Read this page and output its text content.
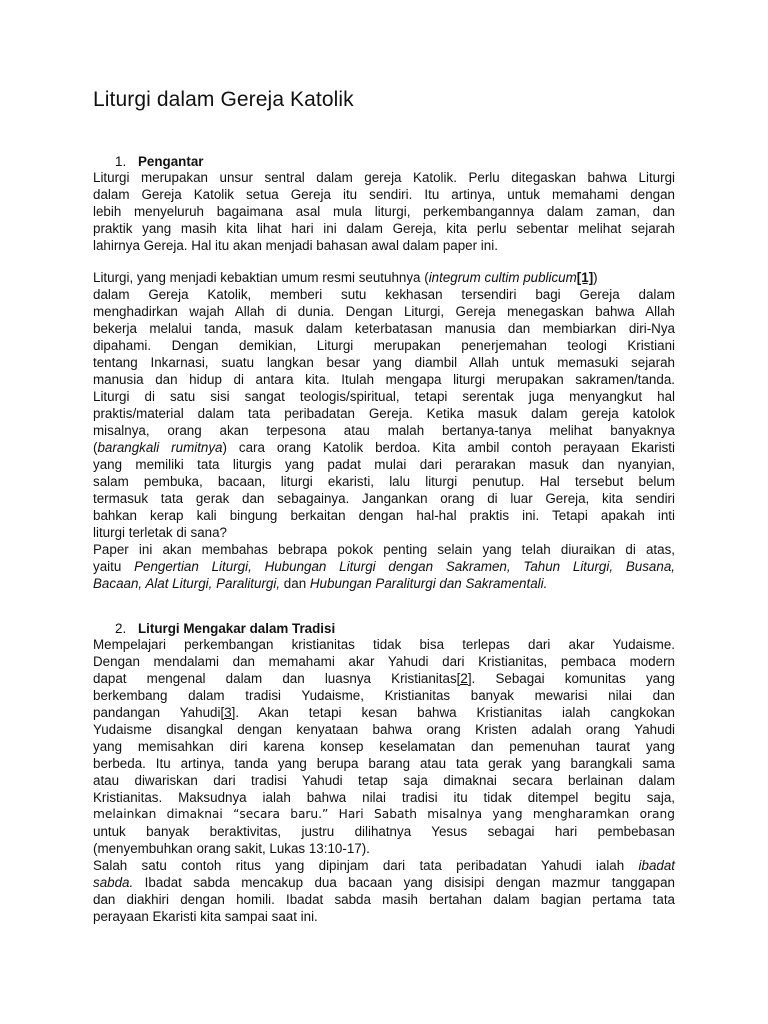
Liturgi dalam Gereja Katolik
1. Pengantar
Liturgi merupakan unsur sentral dalam gereja Katolik. Perlu ditegaskan bahwa Liturgi
dalam Gereja Katolik setua Gereja itu sendiri. Itu artinya, untuk memahami dengan
lebih menyeluruh bagaimana asal mula liturgi, perkembangannya dalam zaman, dan
praktik yang masih kita lihat hari ini dalam Gereja, kita perlu sebentar melihat sejarah
lahirnya Gereja. Hal itu akan menjadi bahasan awal dalam paper ini.
Liturgi, yang menjadi kebaktian umum resmi seutuhnya (integrum cultim publicum[1])
dalam Gereja Katolik, memberi sutu kekhasan tersendiri bagi Gereja dalam
menghadirkan wajah Allah di dunia. Dengan Liturgi, Gereja menegaskan bahwa Allah
bekerja melalui tanda, masuk dalam keterbatasan manusia dan membiarkan diri-Nya
dipahami. Dengan demikian, Liturgi merupakan penerjemahan teologi Kristiani
tentang Inkarnasi, suatu langkan besar yang diambil Allah untuk memasuki sejarah
manusia dan hidup di antara kita. Itulah mengapa liturgi merupakan sakramen/tanda.
Liturgi di satu sisi sangat teologis/spiritual, tetapi serentak juga menyangkut hal
praktis/material dalam tata peribadatan Gereja. Ketika masuk dalam gereja katolok
misalnya, orang akan terpesona atau malah bertanya-tanya melihat banyaknya
(barangkali rumitnya) cara orang Katolik berdoa. Kita ambil contoh perayaan Ekaristi
yang memiliki tata liturgis yang padat mulai dari perarakan masuk dan nyanyian,
salam pembuka, bacaan, liturgi ekaristi, lalu liturgi penutup. Hal tersebut belum
termasuk tata gerak dan sebagainya. Jangankan orang di luar Gereja, kita sendiri
bahkan kerap kali bingung berkaitan dengan hal-hal praktis ini. Tetapi apakah inti
liturgi terletak di sana?
Paper ini akan membahas bebrapa pokok penting selain yang telah diuraikan di atas,
yaitu Pengertian Liturgi, Hubungan Liturgi dengan Sakramen, Tahun Liturgi, Busana,
Bacaan, Alat Liturgi, Paraliturgi, dan Hubungan Paraliturgi dan Sakramentali.
2. Liturgi Mengakar dalam Tradisi
Mempelajari perkembangan kristianitas tidak bisa terlepas dari akar Yudaisme.
Dengan mendalami dan memahami akar Yahudi dari Kristianitas, pembaca modern
dapat mengenal dalam dan luasnya Kristianitas[2]. Sebagai komunitas yang
berkembang dalam tradisi Yudaisme, Kristianitas banyak mewarisi nilai dan
pandangan Yahudi[3]. Akan tetapi kesan bahwa Kristianitas ialah cangkokan
Yudaisme disangkal dengan kenyataan bahwa orang Kristen adalah orang Yahudi
yang memisahkan diri karena konsep keselamatan dan pemenuhan taurat yang
berbeda. Itu artinya, tanda yang berupa barang atau tata gerak yang barangkali sama
atau diwariskan dari tradisi Yahudi tetap saja dimaknai secara berlainan dalam
Kristianitas. Maksudnya ialah bahwa nilai tradisi itu tidak ditempel begitu saja,
melainkan dimaknai “secara baru.” Hari Sabath misalnya yang mengharamkan orang
untuk banyak beraktivitas, justru dilihatnya Yesus sebagai hari pembebasan
(menyembuhkan orang sakit, Lukas 13:10-17).
Salah satu contoh ritus yang dipinjam dari tata peribadatan Yahudi ialah ibadat
sabda. Ibadat sabda mencakup dua bacaan yang disisipi dengan mazmur tanggapan
dan diakhiri dengan homili. Ibadat sabda masih bertahan dalam bagian pertama tata
perayaan Ekaristi kita sampai saat ini.
